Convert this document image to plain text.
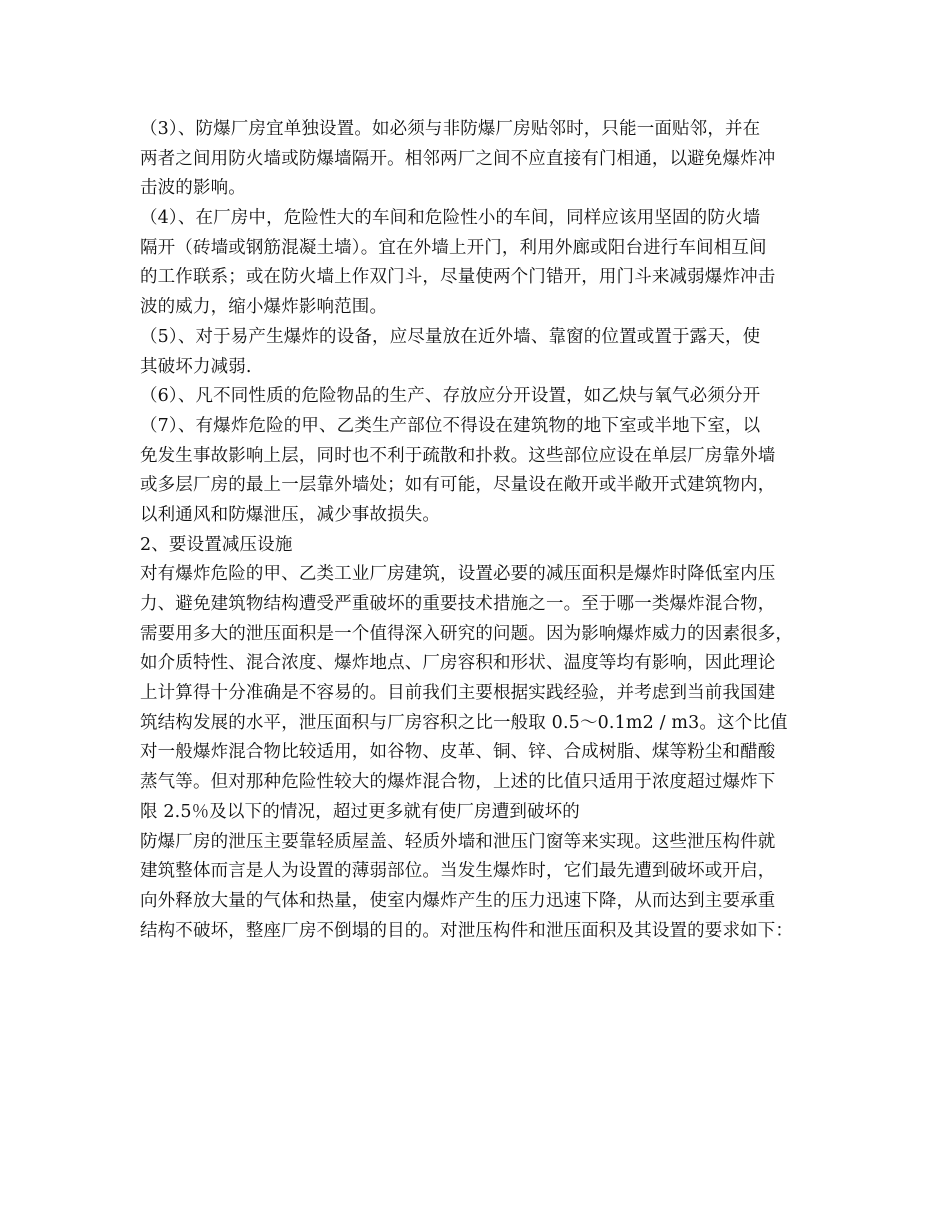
（3）、防爆厂房宜单独设置。如必须与非防爆厂房贴邻时，只能一面贴邻，并在
两者之间用防火墙或防爆墙隔开。相邻两厂之间不应直接有门相通，以避免爆炸冲
击波的影响。
（4）、在厂房中，危险性大的车间和危险性小的车间，同样应该用坚固的防火墙
隔开（砖墙或钢筋混凝土墙）。宜在外墙上开门，利用外廊或阳台进行车间相互间
的工作联系；或在防火墙上作双门斗，尽量使两个门错开，用门斗来减弱爆炸冲击
波的威力，缩小爆炸影响范围。
（5）、对于易产生爆炸的设备，应尽量放在近外墙、靠窗的位置或置于露天，使
其破坏力减弱.
（6）、凡不同性质的危险物品的生产、存放应分开设置，如乙炔与氧气必须分开
（7）、有爆炸危险的甲、乙类生产部位不得设在建筑物的地下室或半地下室，以
免发生事故影响上层，同时也不利于疏散和扑救。这些部位应设在单层厂房靠外墙
或多层厂房的最上一层靠外墙处；如有可能，尽量设在敞开或半敞开式建筑物内，
以利通风和防爆泄压，减少事故损失。
2、要设置减压设施
对有爆炸危险的甲、乙类工业厂房建筑，设置必要的减压面积是爆炸时降低室内压
力、避免建筑物结构遭受严重破坏的重要技术措施之一。至于哪一类爆炸混合物，
需要用多大的泄压面积是一个值得深入研究的问题。因为影响爆炸威力的因素很多，
如介质特性、混合浓度、爆炸地点、厂房容积和形状、温度等均有影响，因此理论
上计算得十分准确是不容易的。目前我们主要根据实践经验，并考虑到当前我国建
筑结构发展的水平，泄压面积与厂房容积之比一般取 0.5～0.1m2 / m3。这个比值
对一般爆炸混合物比较适用，如谷物、皮革、铜、锌、合成树脂、煤等粉尘和醋酸
蒸气等。但对那种危险性较大的爆炸混合物，上述的比值只适用于浓度超过爆炸下
限 2.5％及以下的情况，超过更多就有使厂房遭到破坏的
防爆厂房的泄压主要靠轻质屋盖、轻质外墙和泄压门窗等来实现。这些泄压构件就
建筑整体而言是人为设置的薄弱部位。当发生爆炸时，它们最先遭到破坏或开启，
向外释放大量的气体和热量，使室内爆炸产生的压力迅速下降，从而达到主要承重
结构不破坏，整座厂房不倒塌的目的。对泄压构件和泄压面积及其设置的要求如下：
